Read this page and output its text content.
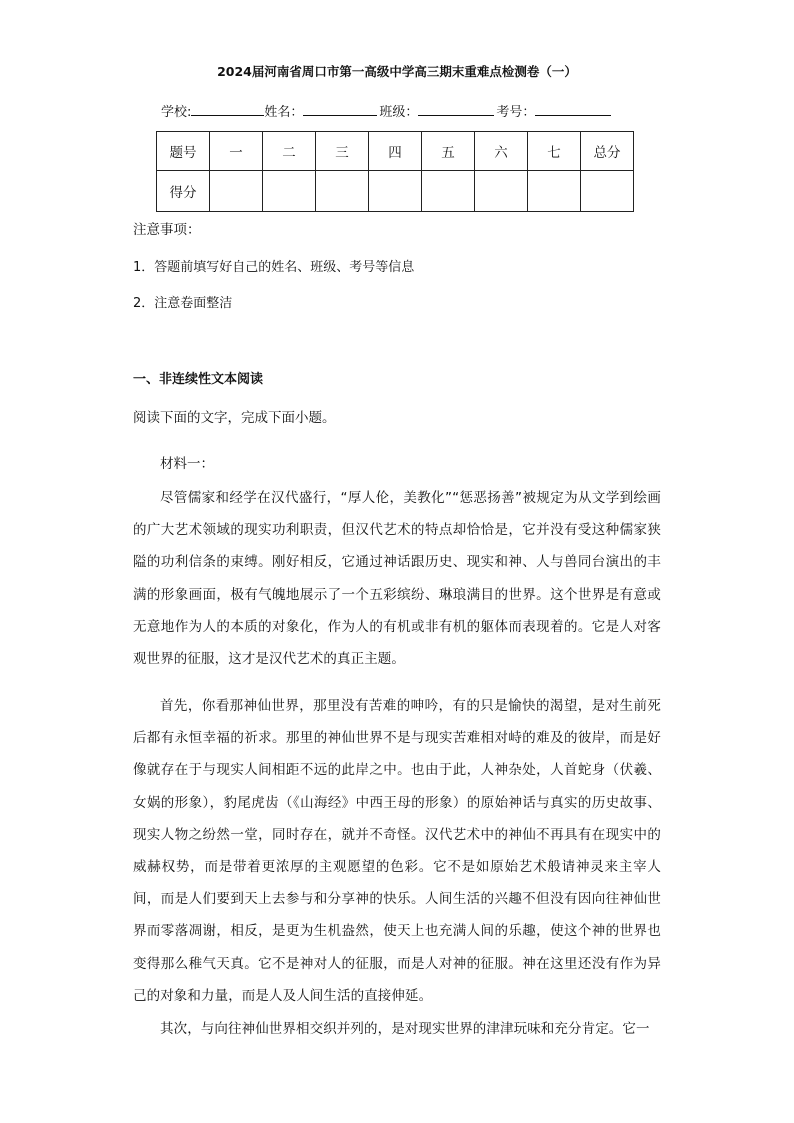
2024届河南省周口市第一高级中学高三期末重难点检测卷（一）
学校:	姓名：	班级：	考号：
题号	一	二	三	四	五	六	七	总分
得分								
注意事项：
1．答题前填写好自己的姓名、班级、考号等信息
2．注意卷面整洁
一、非连续性文本阅读
阅读下面的文字，完成下面小题。
材料一：

尽管儒家和经学在汉代盛行，“厚人伦，美教化”“惩恶扬善”被规定为从文学到绘画的广大艺术领域的现实功利职责，但汉代艺术的特点却恰恰是，它并没有受这种儒家狭隘的功利信条的束缚。刚好相反，它通过神话跟历史、现实和神、人与兽同台演出的丰满的形象画面，极有气魄地展示了一个五彩缤纷、琳琅满目的世界。这个世界是有意或无意地作为人的本质的对象化，作为人的有机或非有机的躯体而表现着的。它是人对客观世界的征服，这才是汉代艺术的真正主题。

首先，你看那神仙世界，那里没有苦难的呻吟，有的只是愉快的渴望，是对生前死后都有永恒幸福的祈求。那里的神仙世界不是与现实苦难相对峙的难及的彼岸，而是好像就存在于与现实人间相距不远的此岸之中。也由于此，人神杂处，人首蛇身（伏羲、女娲的形象），豹尾虎齿（《山海经》中西王母的形象）的原始神话与真实的历史故事、现实人物之纷然一堂，同时存在，就并不奇怪。汉代艺术中的神仙不再具有在现实中的威赫权势，而是带着更浓厚的主观愿望的色彩。它不是如原始艺术般请神灵来主宰人间，而是人们要到天上去参与和分享神的快乐。人间生活的兴趣不但没有因向往神仙世界而零落凋谢，相反，是更为生机盎然，使天上也充满人间的乐趣，使这个神的世界也变得那么稚气天真。它不是神对人的征服，而是人对神的征服。神在这里还没有作为异己的对象和力量，而是人及人间生活的直接伸延。

其次，与向往神仙世界相交织并列的，是对现实世界的津津玩味和充分肯定。它一
